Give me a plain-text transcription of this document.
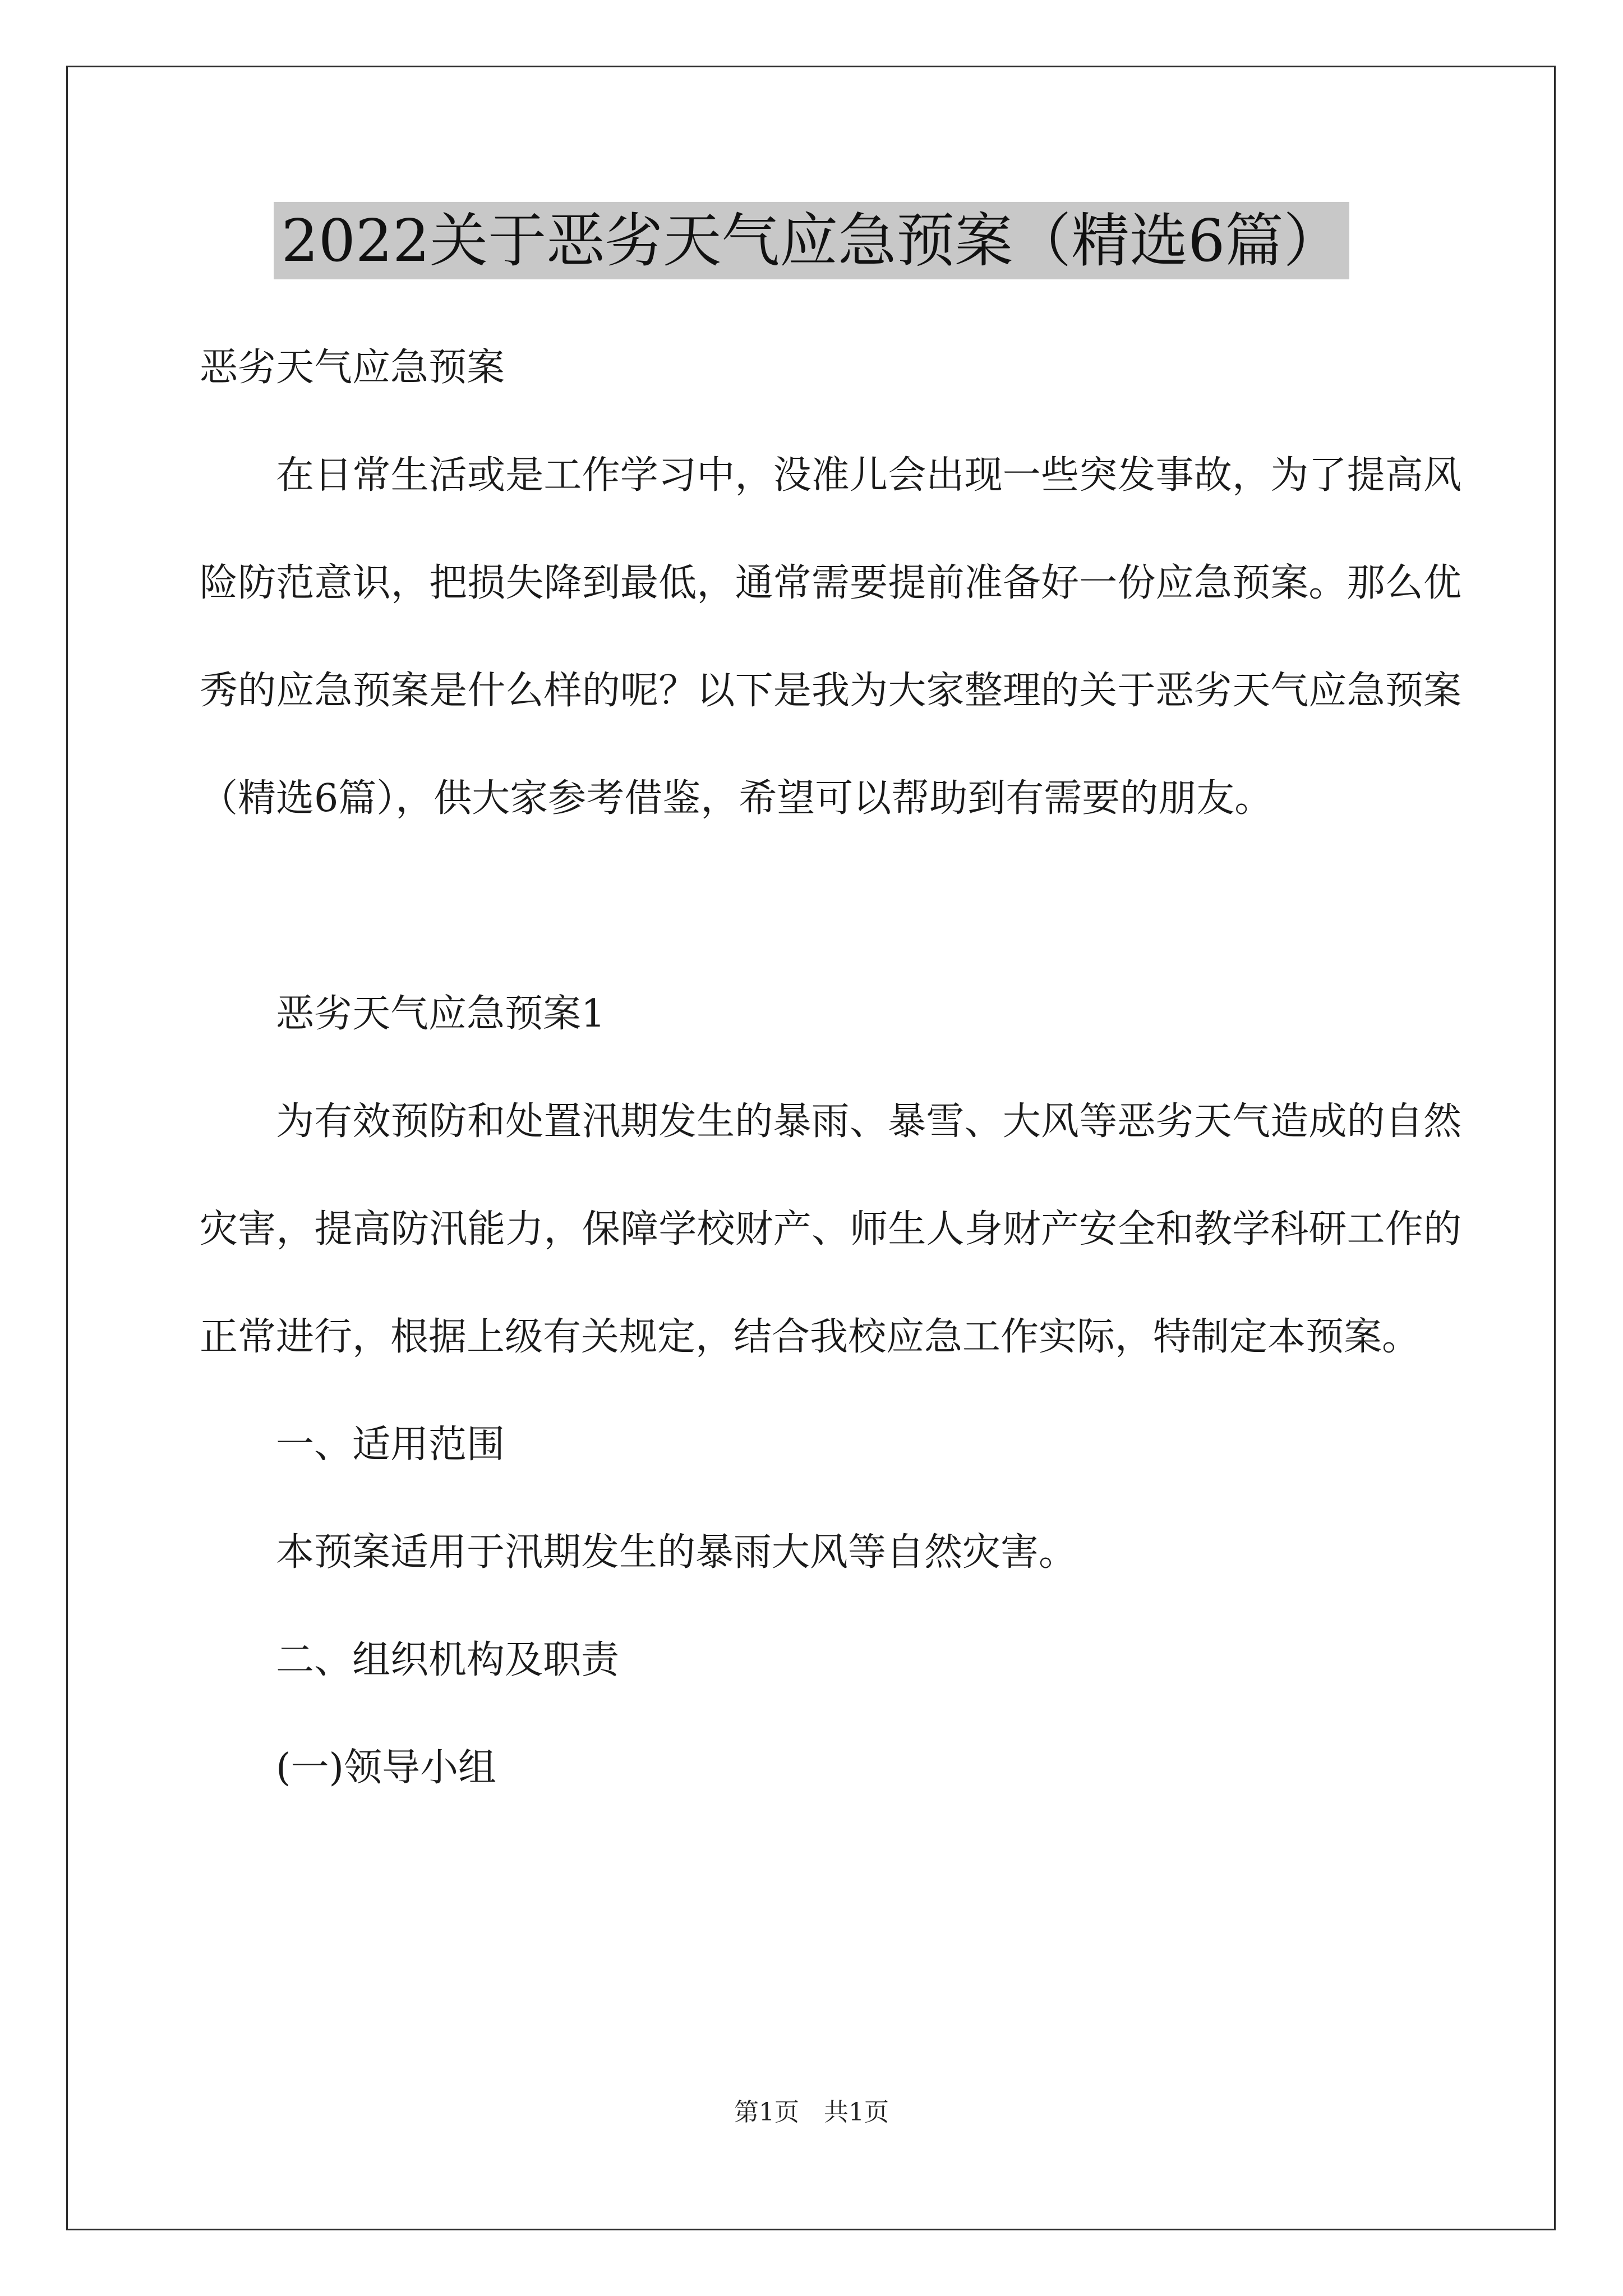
2022关于恶劣天气应急预案（精选6篇）

恶劣天气应急预案

在日常生活或是工作学习中，没准儿会出现一些突发事故，为了提高风险防范意识，把损失降到最低，通常需要提前准备好一份应急预案。那么优秀的应急预案是什么样的呢？以下是我为大家整理的关于恶劣天气应急预案（精选6篇），供大家参考借鉴，希望可以帮助到有需要的朋友。

恶劣天气应急预案1

为有效预防和处置汛期发生的暴雨、暴雪、大风等恶劣天气造成的自然灾害，提高防汛能力，保障学校财产、师生人身财产安全和教学科研工作的正常进行，根据上级有关规定，结合我校应急工作实际，特制定本预案。

一、适用范围

本预案适用于汛期发生的暴雨大风等自然灾害。

二、组织机构及职责

(一)领导小组

第1页　共1页
